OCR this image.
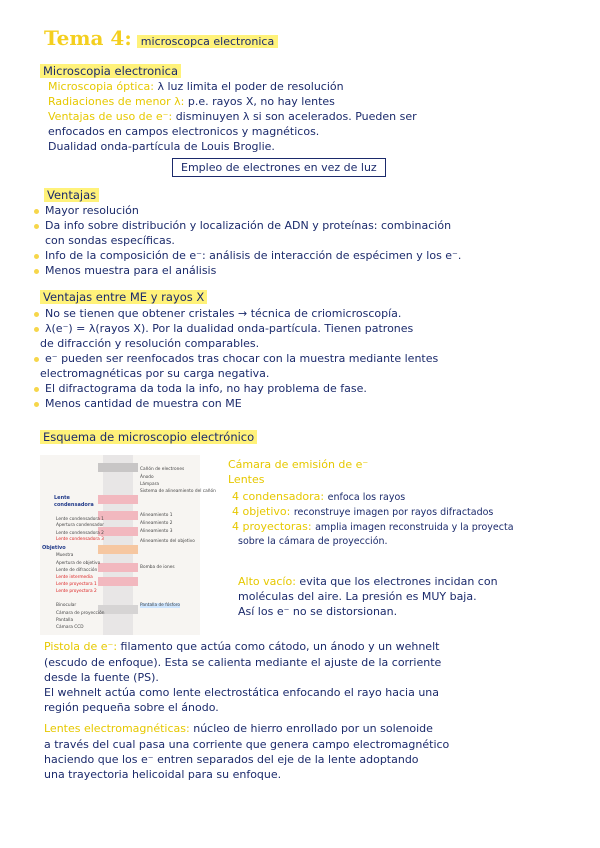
Tema 4: microscopca electronica
Microscopia electronica
Microscopia óptica: λ luz limita el poder de resolución
Radiaciones de menor λ: p.e. rayos X, no hay lentes
Ventajas de uso de e⁻: disminuyen λ si son acelerados. Pueden ser
enfocados en campos electronicos y magnéticos.
Dualidad onda-partícula de Louis Broglie.
Empleo de electrones en vez de luz
Ventajas
Mayor resolución
Da info sobre distribución y localización de ADN y proteínas: combinación
con sondas específicas.
Info de la composición de e⁻: análisis de interacción de espécimen y los e⁻.
Menos muestra para el análisis
Ventajas entre ME y rayos X
No se tienen que obtener cristales → técnica de criomicroscopía.
λ(e⁻) = λ(rayos X). Por la dualidad onda-partícula. Tienen patrones
de difracción y resolución comparables.
e⁻ pueden ser reenfocados tras chocar con la muestra mediante lentes
electromagnéticas por su carga negativa.
El difractograma da toda la info, no hay problema de fase.
Menos cantidad de muestra con ME
Esquema de microscopio electrónico
Lente
condensadora
Objetivo
Lente condensadora 1
Apertura condensador
Lente condensadora 2
Lente condensadora 3
Muestra
Apertura de objetivo
Lente de difracción
Lente intermedia
Lente proyectora 1
Lente proyectora 2
Binocular
Cámara de proyección
Pantalla
Cámara CCD
Cañón de electrones
Ánodo
Lámpara
Sistema de alineamiento del cañón
Alineamiento 1
Alineamiento 2
Alineamiento 3
Alineamiento del objetivo
Bomba de iones
Pantalla de fósforo
Cámara de emisión de e⁻
Lentes
4 condensadora: enfoca los rayos
4 objetivo: reconstruye imagen por rayos difractados
4 proyectoras: amplia imagen reconstruida y la proyecta
sobre la cámara de proyección.
Alto vacío: evita que los electrones incidan con
moléculas del aire. La presión es MUY baja.
Así los e⁻ no se distorsionan.
Pistola de e⁻: filamento que actúa como cátodo, un ánodo y un wehnelt
(escudo de enfoque). Esta se calienta mediante el ajuste de la corriente
desde la fuente (PS).
El wehnelt actúa como lente electrostática enfocando el rayo hacia una
región pequeña sobre el ánodo.
Lentes electromagnéticas: núcleo de hierro enrollado por un solenoide
a través del cual pasa una corriente que genera campo electromagnético
haciendo que los e⁻ entren separados del eje de la lente adoptando
una trayectoria helicoidal para su enfoque.
